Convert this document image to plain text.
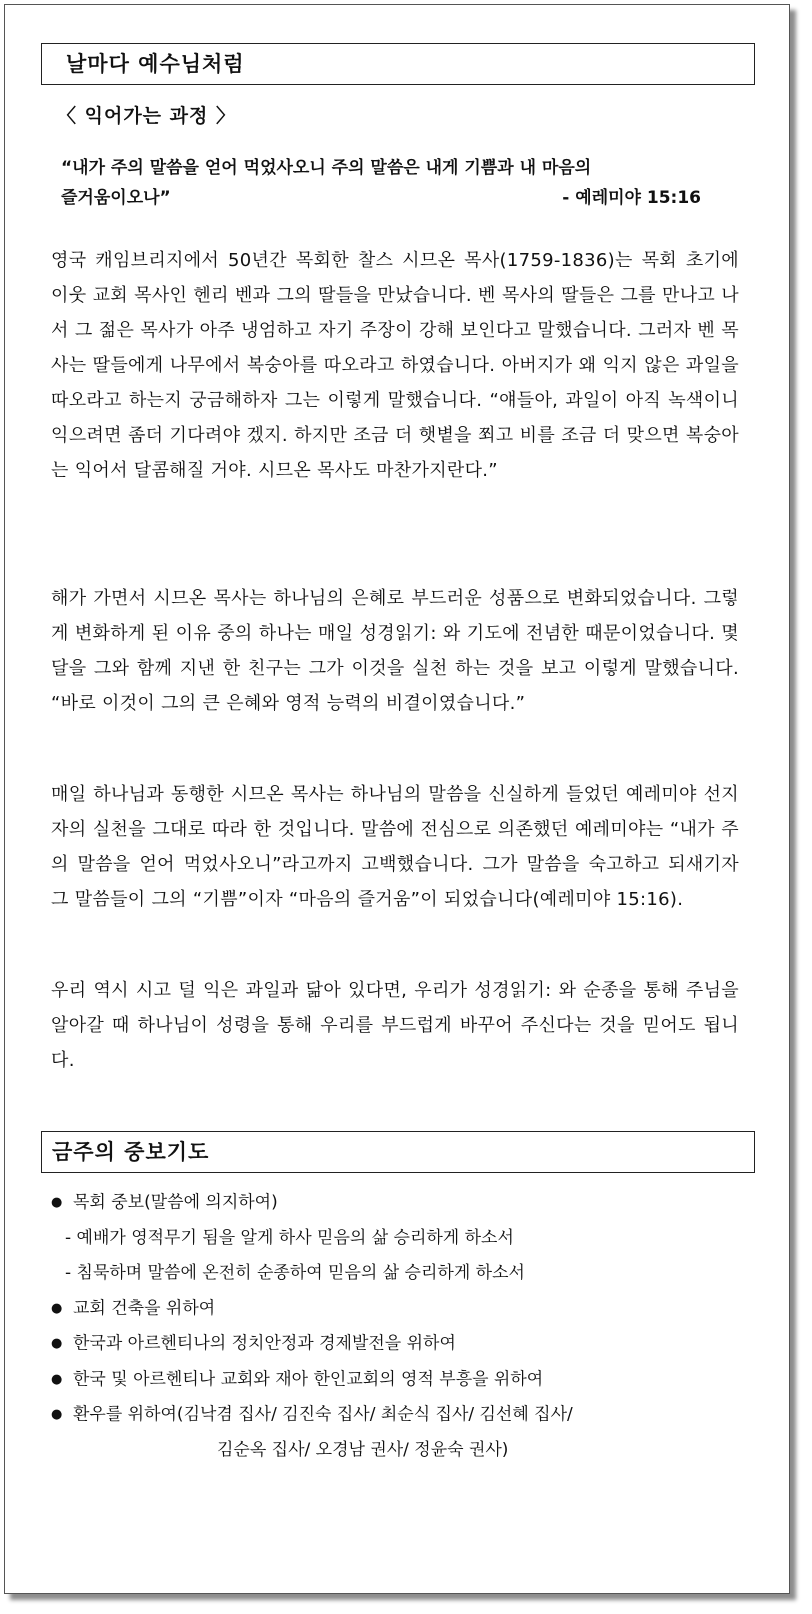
날마다 예수님처럼
〈 익어가는 과정 〉
“내가 주의 말씀을 얻어 먹었사오니 주의 말씀은 내게 기쁨과 내 마음의
즐거움이오나”	- 예레미야 15:16
영국 캐임브리지에서 50년간 목회한 찰스 시므온 목사(1759-1836)는 목회 초기에 이웃 교회 목사인 헨리 벤과 그의 딸들을 만났습니다. 벤 목사의 딸들은 그를 만나고 나서 그 젊은 목사가 아주 냉엄하고 자기 주장이 강해 보인다고 말했습니다. 그러자 벤 목사는 딸들에게 나무에서 복숭아를 따오라고 하였습니다. 아버지가 왜 익지 않은 과일을 따오라고 하는지 궁금해하자 그는 이렇게 말했습니다. “얘들아, 과일이 아직 녹색이니 익으려면 좀더 기다려야 겠지. 하지만 조금 더 햇볕을 쬐고 비를 조금 더 맞으면 복숭아는 익어서 달콤해질 거야. 시므온 목사도 마찬가지란다.”
해가 가면서 시므온 목사는 하나님의 은혜로 부드러운 성품으로 변화되었습니다. 그렇게 변화하게 된 이유 중의 하나는 매일 성경읽기: 와 기도에 전념한 때문이었습니다. 몇 달을 그와 함께 지낸 한 친구는 그가 이것을 실천 하는 것을 보고 이렇게 말했습니다. “바로 이것이 그의 큰 은혜와 영적 능력의 비결이였습니다.”
매일 하나님과 동행한 시므온 목사는 하나님의 말씀을 신실하게 들었던 예레미야 선지자의 실천을 그대로 따라 한 것입니다. 말씀에 전심으로 의존했던 예레미야는 “내가 주의 말씀을 얻어 먹었사오니”라고까지 고백했습니다. 그가 말씀을 숙고하고 되새기자 그 말씀들이 그의 “기쁨”이자 “마음의 즐거움”이 되었습니다(예레미야 15:16).
우리 역시 시고 덜 익은 과일과 닮아 있다면, 우리가 성경읽기: 와 순종을 통해 주님을 알아갈 때 하나님이 성령을 통해 우리를 부드럽게 바꾸어 주신다는 것을 믿어도 됩니다.
금주의 중보기도
● 목회 중보(말씀에 의지하여)
- 예배가 영적무기 됨을 알게 하사 믿음의 삶 승리하게 하소서
- 침묵하며 말씀에 온전히 순종하여 믿음의 삶 승리하게 하소서
● 교회 건축을 위하여
● 한국과 아르헨티나의 정치안정과 경제발전을 위하여
● 한국 및 아르헨티나 교회와 재아 한인교회의 영적 부흥을 위하여
● 환우를 위하여(김낙겸 집사/ 김진숙 집사/ 최순식 집사/ 김선혜 집사/
김순옥 집사/ 오경남 권사/ 정윤숙 권사)
